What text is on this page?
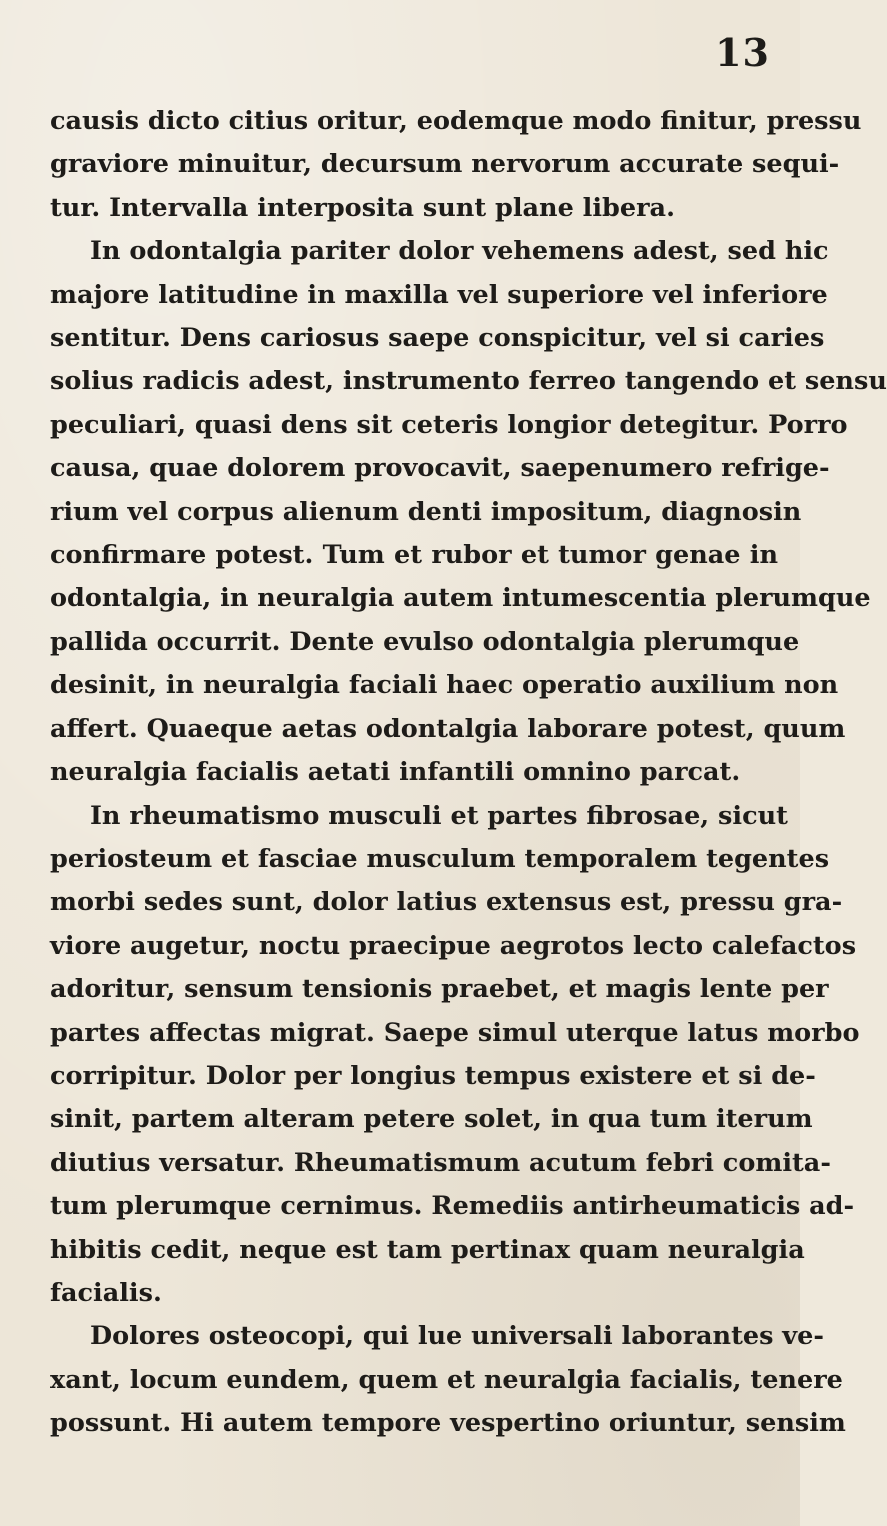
13
causis dicto citius oritur, eodemque modo finitur, pressu
graviore minuitur, decursum nervorum accurate sequi-
tur. Intervalla interposita sunt plane libera.
In odontalgia pariter dolor vehemens adest, sed hic
majore latitudine in maxilla vel superiore vel inferiore
sentitur. Dens cariosus saepe conspicitur, vel si caries
solius radicis adest, instrumento ferreo tangendo et sensu
peculiari, quasi dens sit ceteris longior detegitur. Porro
causa, quae dolorem provocavit, saepenumero refrige-
rium vel corpus alienum denti impositum, diagnosin
confirmare potest. Tum et rubor et tumor genae in
odontalgia, in neuralgia autem intumescentia plerumque
pallida occurrit. Dente evulso odontalgia plerumque
desinit, in neuralgia faciali haec operatio auxilium non
affert. Quaeque aetas odontalgia laborare potest, quum
neuralgia facialis aetati infantili omnino parcat.
In rheumatismo musculi et partes fibrosae, sicut
periosteum et fasciae musculum temporalem tegentes
morbi sedes sunt, dolor latius extensus est, pressu gra-
viore augetur, noctu praecipue aegrotos lecto calefactos
adoritur, sensum tensionis praebet, et magis lente per
partes affectas migrat. Saepe simul uterque latus morbo
corripitur. Dolor per longius tempus existere et si de-
sinit, partem alteram petere solet, in qua tum iterum
diutius versatur. Rheumatismum acutum febri comita-
tum plerumque cernimus. Remediis antirheumaticis ad-
hibitis cedit, neque est tam pertinax quam neuralgia
facialis.
Dolores osteocopi, qui lue universali laborantes ve-
xant, locum eundem, quem et neuralgia facialis, tenere
possunt. Hi autem tempore vespertino oriuntur, sensim
